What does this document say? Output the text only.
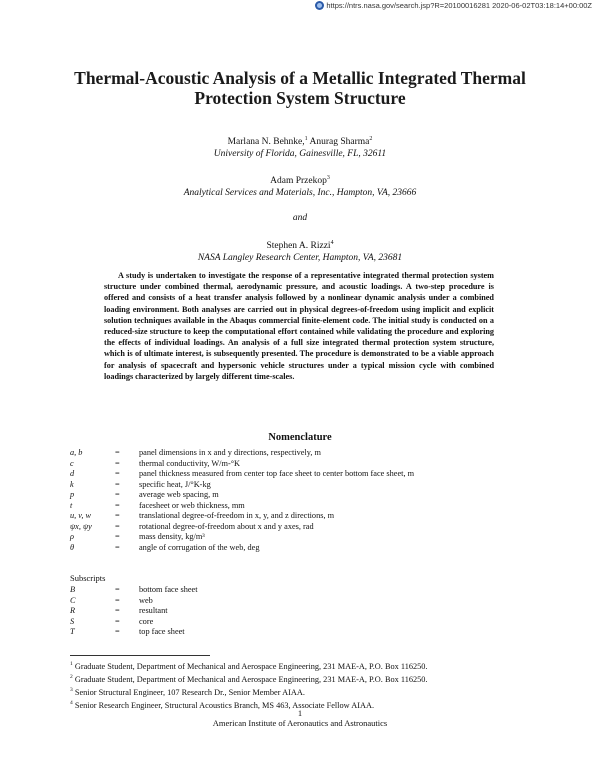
https://ntrs.nasa.gov/search.jsp?R=20100016281 2020-06-02T03:18:14+00:00Z
Thermal-Acoustic Analysis of a Metallic Integrated Thermal Protection System Structure
Marlana N. Behnke,$^1$ Anurag Sharma$^2$
University of Florida, Gainesville, FL, 32611
Adam Przekop$^3$
Analytical Services and Materials, Inc., Hampton, VA, 23666
and
Stephen A. Rizzi$^4$
NASA Langley Research Center, Hampton, VA, 23681

A study is undertaken to investigate the response of a representative integrated thermal protection system structure under combined thermal, aerodynamic pressure, and acoustic loadings. A two-step procedure is offered and consists of a heat transfer analysis followed by a nonlinear dynamic analysis under a combined loading environment. Both analyses are carried out in physical degrees-of-freedom using implicit and explicit solution techniques available in the Abaqus commercial finite-element code. The initial study is conducted on a reduced-size structure to keep the computational effort contained while validating the procedure and exploring the effects of individual loadings. An analysis of a full size integrated thermal protection system structure, which is of ultimate interest, is subsequently presented. The procedure is demonstrated to be a viable approach for analysis of spacecraft and hypersonic vehicle structures under a typical mission cycle with combined loadings characterized by largely different time-scales.

Nomenclature
a, b	=	panel dimensions in x and y directions, respectively, m
c	=	thermal conductivity, W/m-°K
d	=	panel thickness measured from center top face sheet to center bottom face sheet, m
k	=	specific heat, J/°K-kg
p	=	average web spacing, m
t	=	facesheet or web thickness, mm
u, v, w	=	translational degree-of-freedom in x, y, and z directions, m
ψx, ψy	=	rotational degree-of-freedom about x and y axes, rad
ρ	=	mass density, kg/m³
θ	=	angle of corrugation of the web, deg
Subscripts
B	=	bottom face sheet
C	=	web
R	=	resultant
S	=	core
T	=	top face sheet
$^1$ Graduate Student, Department of Mechanical and Aerospace Engineering, 231 MAE-A, P.O. Box 116250.
$^2$ Graduate Student, Department of Mechanical and Aerospace Engineering, 231 MAE-A, P.O. Box 116250.
$^3$ Senior Structural Engineer, 107 Research Dr., Senior Member AIAA.
$^4$ Senior Research Engineer, Structural Acoustics Branch, MS 463, Associate Fellow AIAA.
1
American Institute of Aeronautics and Astronautics
